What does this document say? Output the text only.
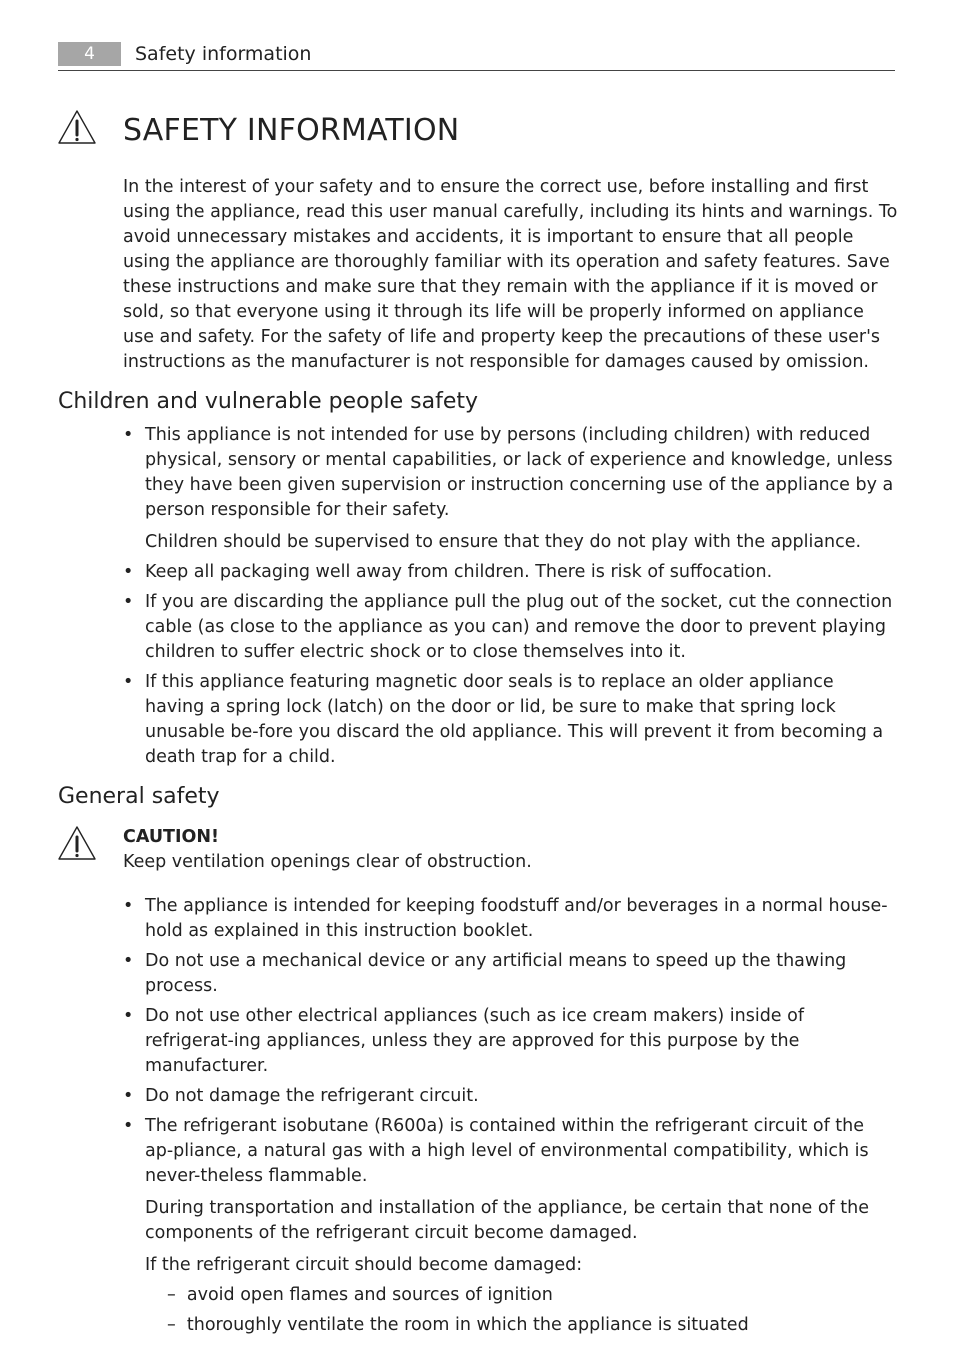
4	Safety information
SAFETY INFORMATION

In the interest of your safety and to ensure the correct use, before installing and first using the appliance, read this user manual carefully, including its hints and warnings. To avoid unnecessary mistakes and accidents, it is important to ensure that all people using the appliance are thoroughly familiar with its operation and safety features. Save these instructions and make sure that they remain with the appliance if it is moved or sold, so that everyone using it through its life will be properly informed on appliance use and safety. For the safety of life and property keep the precautions of these user's instructions as the manufacturer is not responsible for damages caused by omission.

Children and vulnerable people safety
• This appliance is not intended for use by persons (including children) with reduced physical, sensory or mental capabilities, or lack of experience and knowledge, unless they have been given supervision or instruction concerning use of the appliance by a person responsible for their safety.

Children should be supervised to ensure that they do not play with the appliance.

• Keep all packaging well away from children. There is risk of suffocation.

• If you are discarding the appliance pull the plug out of the socket, cut the connection cable (as close to the appliance as you can) and remove the door to prevent playing children to suffer electric shock or to close themselves into it.

• If this appliance featuring magnetic door seals is to replace an older appliance having a spring lock (latch) on the door or lid, be sure to make that spring lock unusable be-fore you discard the old appliance. This will prevent it from becoming a death trap for a child.

General safety

CAUTION!

Keep ventilation openings clear of obstruction.

• The appliance is intended for keeping foodstuff and/or beverages in a normal house-hold as explained in this instruction booklet.

• Do not use a mechanical device or any artificial means to speed up the thawing process.

• Do not use other electrical appliances (such as ice cream makers) inside of refrigerat-ing appliances, unless they are approved for this purpose by the manufacturer.

• Do not damage the refrigerant circuit.

• The refrigerant isobutane (R600a) is contained within the refrigerant circuit of the ap-pliance, a natural gas with a high level of environmental compatibility, which is never-theless flammable.

During transportation and installation of the appliance, be certain that none of the components of the refrigerant circuit become damaged.

If the refrigerant circuit should become damaged:

–  avoid open flames and sources of ignition
–  thoroughly ventilate the room in which the appliance is situated
